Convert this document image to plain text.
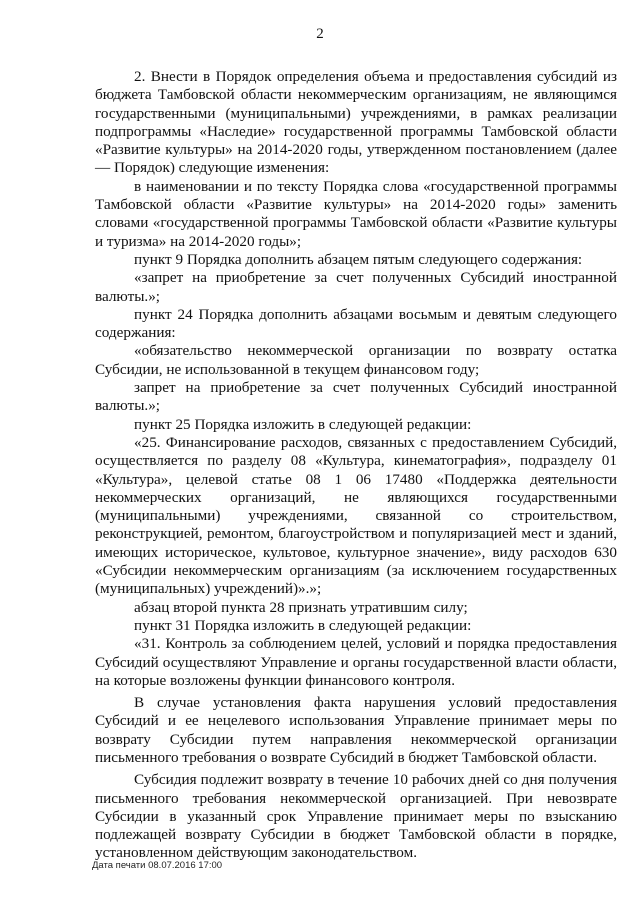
2

2. Внести в Порядок определения объема и предоставления субсидий из бюджета Тамбовской области некоммерческим организациям, не являющимся государственными (муниципальными) учреждениями, в рамках реализации подпрограммы «Наследие» государственной программы Тамбовской области «Развитие культуры» на 2014-2020 годы, утвержденном постановлением (далее — Порядок) следующие изменения:

в наименовании и по тексту Порядка слова «государственной программы Тамбовской области «Развитие культуры» на 2014-2020 годы» заменить словами «государственной программы Тамбовской области «Развитие культуры и туризма» на 2014-2020 годы»;

пункт 9 Порядка дополнить абзацем пятым следующего содержания:

«запрет на приобретение за счет полученных Субсидий иностранной валюты.»;

пункт 24 Порядка дополнить абзацами восьмым и девятым следующего содержания:

«обязательство некоммерческой организации по возврату остатка Субсидии, не использованной в текущем финансовом году;

запрет на приобретение за счет полученных Субсидий иностранной валюты.»;

пункт 25 Порядка изложить в следующей редакции:

«25. Финансирование расходов, связанных с предоставлением Субсидий, осуществляется по разделу 08 «Культура, кинематография», подразделу 01 «Культура», целевой статье 08 1 06 17480 «Поддержка деятельности некоммерческих организаций, не являющихся государственными (муниципальными) учреждениями, связанной со строительством, реконструкцией, ремонтом, благоустройством и популяризацией мест и зданий, имеющих историческое, культовое, культурное значение», виду расходов 630 «Субсидии некоммерческим организациям (за исключением государственных (муниципальных) учреждений)».»;

абзац второй пункта 28 признать утратившим силу;

пункт 31 Порядка изложить в следующей редакции:

«31. Контроль за соблюдением целей, условий и порядка предоставления Субсидий осуществляют Управление и органы государственной власти области, на которые возложены функции финансового контроля.

В случае установления факта нарушения условий предоставления Субсидий и ее нецелевого использования Управление принимает меры по возврату Субсидии путем направления некоммерческой организации письменного требования о возврате Субсидий в бюджет Тамбовской области.

Субсидия подлежит возврату в течение 10 рабочих дней со дня получения письменного требования некоммерческой организацией. При невозврате Субсидии в указанный срок Управление принимает меры по взысканию подлежащей возврату Субсидии в бюджет Тамбовской области в порядке, установленном действующим законодательством.

Дата печати 08.07.2016 17:00
